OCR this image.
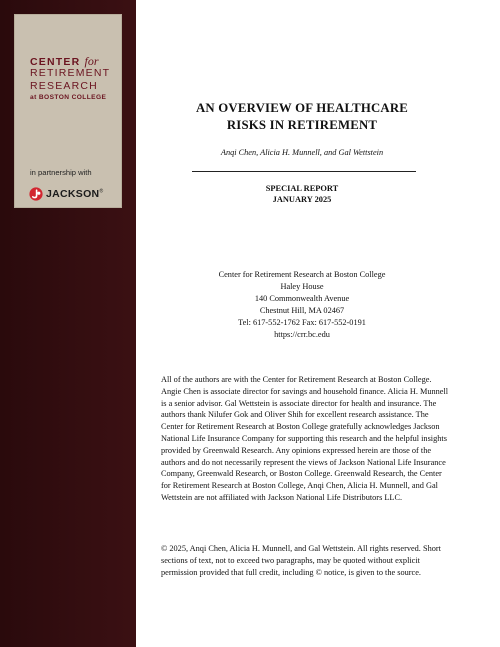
CENTER for
RETIREMENT
RESEARCH
at BOSTON COLLEGE
in partnership with
JACKSON®
AN OVERVIEW OF HEALTHCARE
RISKS IN RETIREMENT
Anqi Chen, Alicia H. Munnell, and Gal Wettstein
SPECIAL REPORT
JANUARY 2025
Center for Retirement Research at Boston College
Haley House
140 Commonwealth Avenue
Chestnut Hill, MA 02467
Tel: 617-552-1762 Fax: 617-552-0191
https://crr.bc.edu

All of the authors are with the Center for Retirement Research at Boston College. Angie Chen is associate director for savings and household finance. Alicia H. Munnell is a senior advisor. Gal Wettstein is associate director for health and insurance. The authors thank Nilufer Gok and Oliver Shih for excellent research assistance. The Center for Retirement Research at Boston College gratefully acknowledges Jackson National Life Insurance Company for supporting this research and the helpful insights provided by Greenwald Research. Any opinions expressed herein are those of the authors and do not necessarily represent the views of Jackson National Life Insurance Company, Greenwald Research, or Boston College. Greenwald Research, the Center for Retirement Research at Boston College, Anqi Chen, Alicia H. Munnell, and Gal Wettstein are not affiliated with Jackson National Life Distributors LLC.

© 2025, Anqi Chen, Alicia H. Munnell, and Gal Wettstein. All rights reserved. Short sections of text, not to exceed two paragraphs, may be quoted without explicit permission provided that full credit, including © notice, is given to the source.
